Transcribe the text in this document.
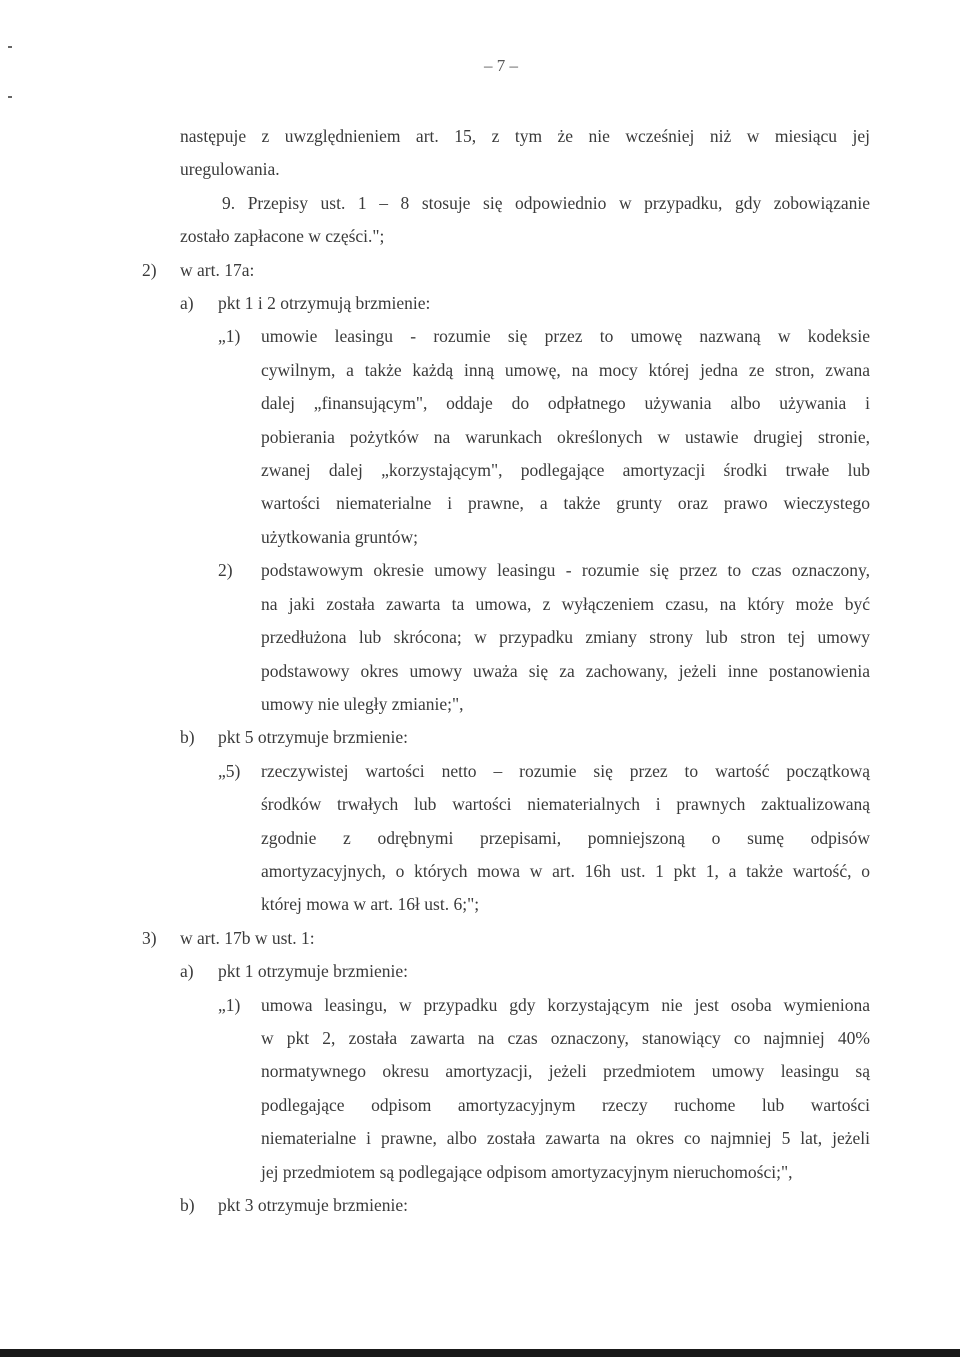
– 7 –
następuje z uwzględnieniem art. 15, z tym że nie wcześniej niż w miesiącu jej
uregulowania.
9. Przepisy ust. 1 – 8 stosuje się odpowiednio w przypadku, gdy zobowiązanie
zostało zapłacone w części.";
2) w art. 17a:
a)	pkt 1 i 2 otrzymują brzmienie:
„1) umowie leasingu - rozumie się przez to umowę nazwaną w kodeksie
cywilnym, a także każdą inną umowę, na mocy której jedna ze stron, zwana
dalej „finansującym", oddaje do odpłatnego używania albo używania i
pobierania pożytków na warunkach określonych w ustawie drugiej stronie,
zwanej dalej „korzystającym", podlegające amortyzacji środki trwałe lub
wartości niematerialne i prawne, a także grunty oraz prawo wieczystego
użytkowania gruntów;
2) podstawowym okresie umowy leasingu - rozumie się przez to czas oznaczony,
na jaki została zawarta ta umowa, z wyłączeniem czasu, na który może być
przedłużona lub skrócona; w przypadku zmiany strony lub stron tej umowy
podstawowy okres umowy uważa się za zachowany, jeżeli inne postanowienia
umowy nie uległy zmianie;",
b)	pkt 5 otrzymuje brzmienie:
„5) rzeczywistej wartości netto – rozumie się przez to wartość początkową
środków trwałych lub wartości niematerialnych i prawnych zaktualizowaną
zgodnie z odrębnymi przepisami, pomniejszoną o sumę odpisów
amortyzacyjnych, o których mowa w art. 16h ust. 1 pkt 1, a także wartość, o
której mowa w art. 16ł ust. 6;";
3) w art. 17b w ust. 1:
a)	pkt 1 otrzymuje brzmienie:
„1) umowa leasingu, w przypadku gdy korzystającym nie jest osoba wymieniona
w pkt 2, została zawarta na czas oznaczony, stanowiący co najmniej 40%
normatywnego okresu amortyzacji, jeżeli przedmiotem umowy leasingu są
podlegające odpisom amortyzacyjnym rzeczy ruchome lub wartości
niematerialne i prawne, albo została zawarta na okres co najmniej 5 lat, jeżeli
jej przedmiotem są podlegające odpisom amortyzacyjnym nieruchomości;",
b)	pkt 3 otrzymuje brzmienie:
